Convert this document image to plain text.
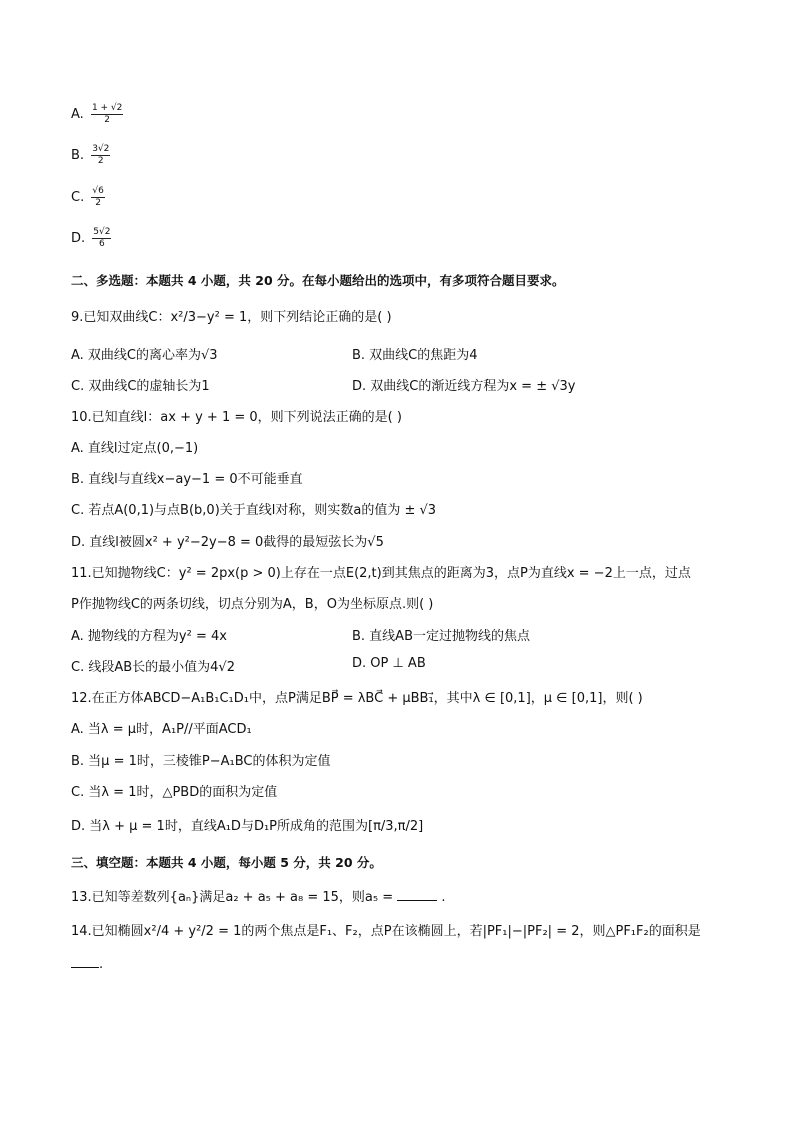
A. $\frac{1 + √2}{2}$
B. $\frac{3√2}{2}$
C. $\frac{√6}{2}$
D. $\frac{5√2}{6}$
二、多选题：本题共 4 小题，共 20 分。在每小题给出的选项中，有多项符合题目要求。
9.已知双曲线C：x²/3−y² = 1，则下列结论正确的是( )
A. 双曲线C的离心率为√3	B. 双曲线C的焦距为4
C. 双曲线C的虚轴长为1	D. 双曲线C的渐近线方程为x = ± √3y
10.已知直线l：ax + y + 1 = 0，则下列说法正确的是( )
A. 直线l过定点(0,−1)
B. 直线l与直线x−ay−1 = 0不可能垂直
C. 若点A(0,1)与点B(b,0)关于直线l对称，则实数a的值为 ± √3
D. 直线l被圆x² + y²−2y−8 = 0截得的最短弦长为√5
11.已知抛物线C：y² = 2px(p > 0)上存在一点E(2,t)到其焦点的距离为3，点P为直线x = −2上一点，过点
P作抛物线C的两条切线，切点分别为A，B，O为坐标原点.则( )
A. 抛物线的方程为y² = 4x	B. 直线AB一定过抛物线的焦点
C. 线段AB长的最小值为4√2	D. OP ⊥ AB
12.在正方体ABCD−A₁B₁C₁D₁中，点P满足BP⃗ = λBC⃗ + μBB₁⃗，其中λ ∈ [0,1]，μ ∈ [0,1]，则( )
A. 当λ = μ时，A₁P//平面ACD₁
B. 当μ = 1时，三棱锥P−A₁BC的体积为定值
C. 当λ = 1时，△PBD的面积为定值
D. 当λ + μ = 1时，直线A₁D与D₁P所成角的范围为[π/3,π/2]
三、填空题：本题共 4 小题，每小题 5 分，共 20 分。
13.已知等差数列{aₙ}满足a₂ + a₅ + a₈ = 15，则a₅ =	.
14.已知椭圆x²/4 + y²/2 = 1的两个焦点是F₁、F₂，点P在该椭圆上，若|PF₁|−|PF₂| = 2，则△PF₁F₂的面积是
.
